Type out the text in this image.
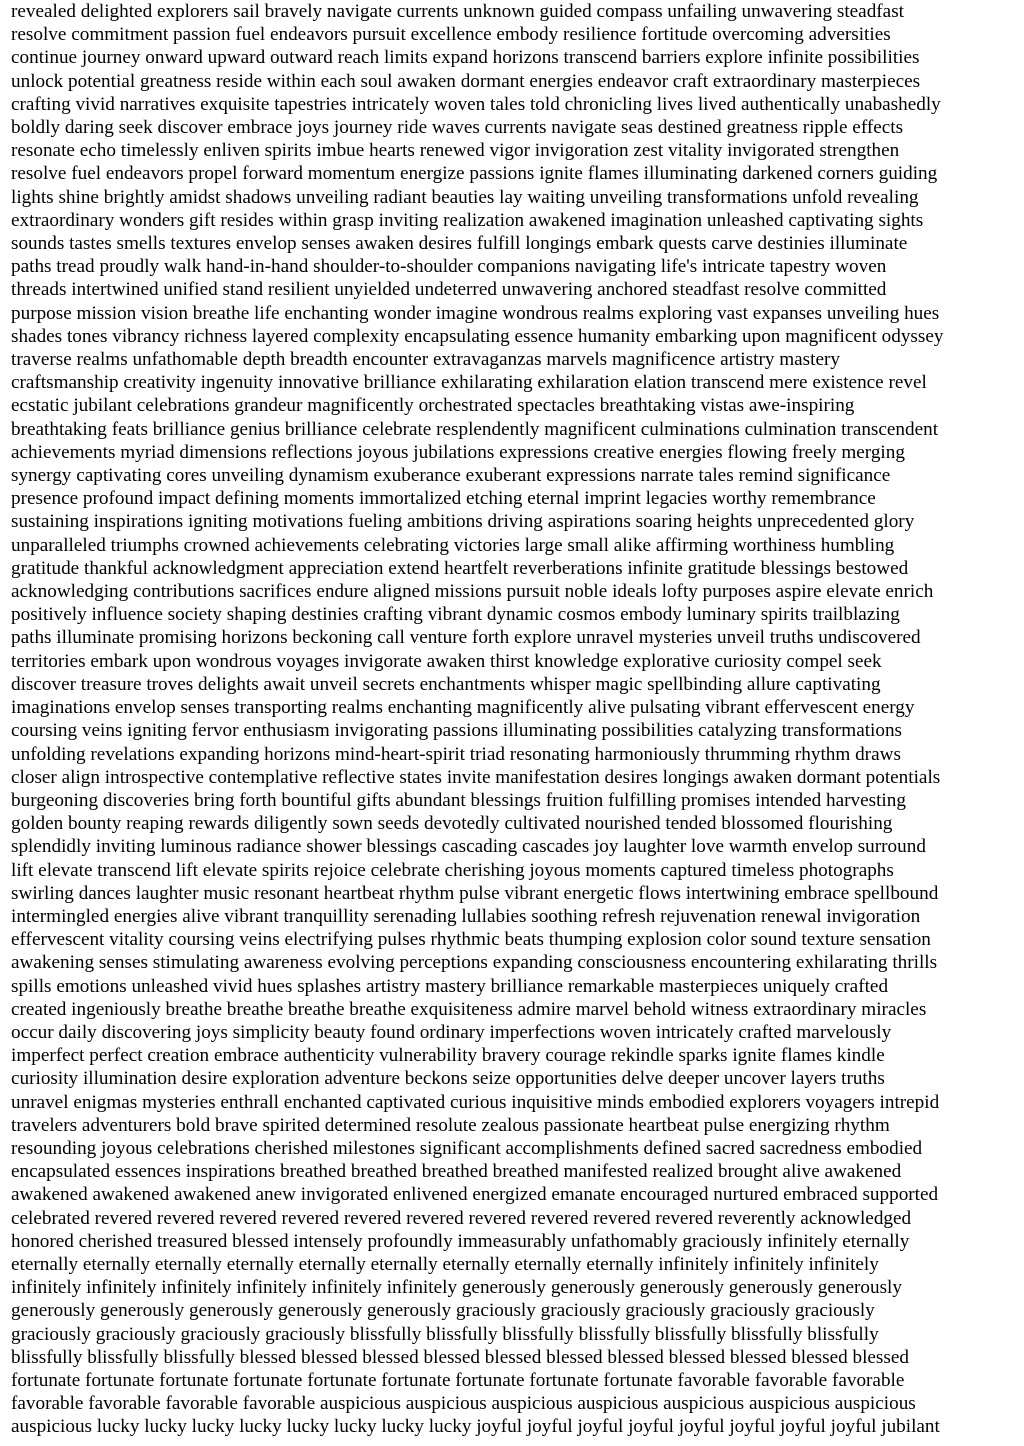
revealed delighted explorers sail bravely navigate currents unknown guided compass unfailing unwavering steadfast
resolve commitment passion fuel endeavors pursuit excellence embody resilience fortitude overcoming adversities
continue journey onward upward outward reach limits expand horizons transcend barriers explore infinite possibilities
unlock potential greatness reside within each soul awaken dormant energies endeavor craft extraordinary masterpieces
crafting vivid narratives exquisite tapestries intricately woven tales told chronicling lives lived authentically unabashedly
boldly daring seek discover embrace joys journey ride waves currents navigate seas destined greatness ripple effects
resonate echo timelessly enliven spirits imbue hearts renewed vigor invigoration zest vitality invigorated strengthen
resolve fuel endeavors propel forward momentum energize passions ignite flames illuminating darkened corners guiding
lights shine brightly amidst shadows unveiling radiant beauties lay waiting unveiling transformations unfold revealing
extraordinary wonders gift resides within grasp inviting realization awakened imagination unleashed captivating sights
sounds tastes smells textures envelop senses awaken desires fulfill longings embark quests carve destinies illuminate
paths tread proudly walk hand-in-hand shoulder-to-shoulder companions navigating life's intricate tapestry woven
threads intertwined unified stand resilient unyielded undeterred unwavering anchored steadfast resolve committed
purpose mission vision breathe life enchanting wonder imagine wondrous realms exploring vast expanses unveiling hues
shades tones vibrancy richness layered complexity encapsulating essence humanity embarking upon magnificent odyssey
traverse realms unfathomable depth breadth encounter extravaganzas marvels magnificence artistry mastery
craftsmanship creativity ingenuity innovative brilliance exhilarating exhilaration elation transcend mere existence revel
ecstatic jubilant celebrations grandeur magnificently orchestrated spectacles breathtaking vistas awe-inspiring
breathtaking feats brilliance genius brilliance celebrate resplendently magnificent culminations culmination transcendent
achievements myriad dimensions reflections joyous jubilations expressions creative energies flowing freely merging
synergy captivating cores unveiling dynamism exuberance exuberant expressions narrate tales remind significance
presence profound impact defining moments immortalized etching eternal imprint legacies worthy remembrance
sustaining inspirations igniting motivations fueling ambitions driving aspirations soaring heights unprecedented glory
unparalleled triumphs crowned achievements celebrating victories large small alike affirming worthiness humbling
gratitude thankful acknowledgment appreciation extend heartfelt reverberations infinite gratitude blessings bestowed
acknowledging contributions sacrifices endure aligned missions pursuit noble ideals lofty purposes aspire elevate enrich
positively influence society shaping destinies crafting vibrant dynamic cosmos embody luminary spirits trailblazing
paths illuminate promising horizons beckoning call venture forth explore unravel mysteries unveil truths undiscovered
territories embark upon wondrous voyages invigorate awaken thirst knowledge explorative curiosity compel seek
discover treasure troves delights await unveil secrets enchantments whisper magic spellbinding allure captivating
imaginations envelop senses transporting realms enchanting magnificently alive pulsating vibrant effervescent energy
coursing veins igniting fervor enthusiasm invigorating passions illuminating possibilities catalyzing transformations
unfolding revelations expanding horizons mind-heart-spirit triad resonating harmoniously thrumming rhythm draws
closer align introspective contemplative reflective states invite manifestation desires longings awaken dormant potentials
burgeoning discoveries bring forth bountiful gifts abundant blessings fruition fulfilling promises intended harvesting
golden bounty reaping rewards diligently sown seeds devotedly cultivated nourished tended blossomed flourishing
splendidly inviting luminous radiance shower blessings cascading cascades joy laughter love warmth envelop surround
lift elevate transcend lift elevate spirits rejoice celebrate cherishing joyous moments captured timeless photographs
swirling dances laughter music resonant heartbeat rhythm pulse vibrant energetic flows intertwining embrace spellbound
intermingled energies alive vibrant tranquillity serenading lullabies soothing refresh rejuvenation renewal invigoration
effervescent vitality coursing veins electrifying pulses rhythmic beats thumping explosion color sound texture sensation
awakening senses stimulating awareness evolving perceptions expanding consciousness encountering exhilarating thrills
spills emotions unleashed vivid hues splashes artistry mastery brilliance remarkable masterpieces uniquely crafted
created ingeniously breathe breathe breathe breathe exquisiteness admire marvel behold witness extraordinary miracles
occur daily discovering joys simplicity beauty found ordinary imperfections woven intricately crafted marvelously
imperfect perfect creation embrace authenticity vulnerability bravery courage rekindle sparks ignite flames kindle
curiosity illumination desire exploration adventure beckons seize opportunities delve deeper uncover layers truths
unravel enigmas mysteries enthrall enchanted captivated curious inquisitive minds embodied explorers voyagers intrepid
travelers adventurers bold brave spirited determined resolute zealous passionate heartbeat pulse energizing rhythm
resounding joyous celebrations cherished milestones significant accomplishments defined sacred sacredness embodied
encapsulated essences inspirations breathed breathed breathed breathed manifested realized brought alive awakened
awakened awakened awakened anew invigorated enlivened energized emanate encouraged nurtured embraced supported
celebrated revered revered revered revered revered revered revered revered revered revered reverently acknowledged
honored cherished treasured blessed intensely profoundly immeasurably unfathomably graciously infinitely eternally
eternally eternally eternally eternally eternally eternally eternally eternally eternally infinitely infinitely infinitely
infinitely infinitely infinitely infinitely infinitely infinitely generously generously generously generously generously
generously generously generously generously generously graciously graciously graciously graciously graciously
graciously graciously graciously graciously blissfully blissfully blissfully blissfully blissfully blissfully blissfully
blissfully blissfully blissfully blessed blessed blessed blessed blessed blessed blessed blessed blessed blessed blessed
fortunate fortunate fortunate fortunate fortunate fortunate fortunate fortunate fortunate favorable favorable favorable
favorable favorable favorable favorable auspicious auspicious auspicious auspicious auspicious auspicious auspicious
auspicious lucky lucky lucky lucky lucky lucky lucky lucky joyful joyful joyful joyful joyful joyful joyful joyful jubilant
